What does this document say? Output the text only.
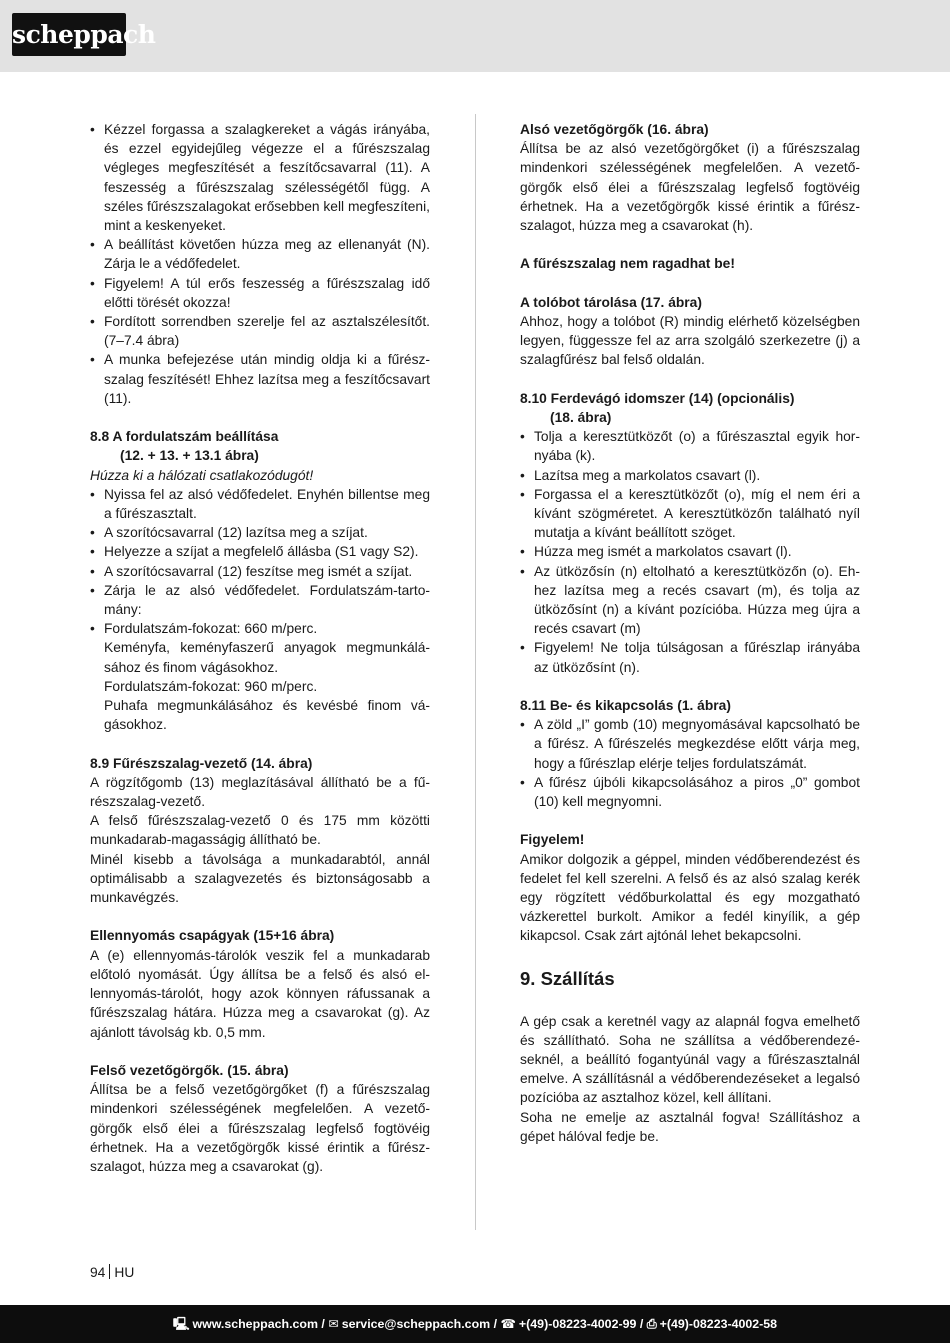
scheppach
• Kézzel forgassa a szalagkereket a vágás irányába, és ezzel egyidejűleg végezze el a fűrészszalag végleges megfeszítését a feszítőcsavarral (11). A feszesség a fűrészszalag szélességétől függ. A széles fűrészszalagokat erősebben kell megfeszíteni, mint a keskenyeket.
• A beállítást követően húzza meg az ellenanyát (N). Zárja le a védőfedelet.
• Figyelem! A túl erős feszesség a fűrészszalag idő előtti törését okozza!
• Fordított sorrendben szerelje fel az asztalszélesítőt. (7–7.4 ábra)
• A munka befejezése után mindig oldja ki a fűrészszalag feszítését! Ehhez lazítsa meg a feszítőcsavart (11).

8.8 A fordulatszám beállítása

(12. + 13. + 13.1 ábra)

Húzza ki a hálózati csatlakozódugót!

• Nyissa fel az alsó védőfedelet. Enyhén billentse meg a fűrészasztalt.
• A szorítócsavarral (12) lazítsa meg a szíjat.
• Helyezze a szíjat a megfelelő állásba (S1 vagy S2).
• A szorítócsavarral (12) feszítse meg ismét a szíjat.
• Zárja le az alsó védőfedelet. Fordulatszám-tartomány:
• Fordulatszám-fokozat: 660 m/perc.
Keményfa, keményfaszerű anyagok megmunkálásához és finom vágásokhoz.
Fordulatszám-fokozat: 960 m/perc.
Puhafa megmunkálásához és kevésbé finom vágásokhoz.

8.9 Fűrészszalag-vezető (14. ábra)

A rögzítőgomb (13) meglazításával állítható be a fűrészszalag-vezető.

A felső fűrészszalag-vezető 0 és 175 mm közötti munkadarab-magasságig állítható be.

Minél kisebb a távolsága a munkadarabtól, annál optimálisabb a szalagvezetés és biztonságosabb a munkavégzés.

Ellennyomás csapágyak (15+16 ábra)

A (e) ellennyomás-tárolók veszik fel a munkadarab előtoló nyomását. Úgy állítsa be a felső és alsó ellennyomás-tárolót, hogy azok könnyen ráfussanak a fűrészszalag hátára. Húzza meg a csavarokat (g). Az ajánlott távolság kb. 0,5 mm.

Felső vezetőgörgők. (15. ábra)

Állítsa be a felső vezetőgörgőket (f) a fűrészszalag mindenkori szélességének megfelelően. A vezetőgörgők első élei a fűrészszalag legfelső fogtövéig érhetnek. Ha a vezetőgörgők kissé érintik a fűrészszalagot, húzza meg a csavarokat (g).

Alsó vezetőgörgők (16. ábra)

Állítsa be az alsó vezetőgörgőket (i) a fűrészszalag mindenkori szélességének megfelelően. A vezetőgörgők első élei a fűrészszalag legfelső fogtövéig érhetnek. Ha a vezetőgörgők kissé érintik a fűrészszalagot, húzza meg a csavarokat (h).

A fűrészszalag nem ragadhat be!

A tolóbot tárolása (17. ábra)

Ahhoz, hogy a tolóbot (R) mindig elérhető közelségben legyen, függessze fel az arra szolgáló szerkezetre (j) a szalagfűrész bal felső oldalán.

8.10 Ferdevágó idomszer (14) (opcionális)

(18. ábra)

• Tolja a keresztütközőt (o) a fűrészasztal egyik hornyába (k).
• Lazítsa meg a markolatos csavart (l).
• Forgassa el a keresztütközőt (o), míg el nem éri a kívánt szögméretet. A keresztütközőn található nyíl mutatja a kívánt beállított szöget.
• Húzza meg ismét a markolatos csavart (l).
• Az ütközősín (n) eltolható a keresztütközőn (o). Ehhez lazítsa meg a recés csavart (m), és tolja az ütközősínt (n) a kívánt pozícióba. Húzza meg újra a recés csavart (m)
• Figyelem! Ne tolja túlságosan a fűrészlap irányába az ütközősínt (n).

8.11 Be- és kikapcsolás (1. ábra)

• A zöld „I” gomb (10) megnyomásával kapcsolható be a fűrész. A fűrészelés megkezdése előtt várja meg, hogy a fűrészlap elérje teljes fordulatszámát.
• A fűrész újbóli kikapcsolásához a piros „0” gombot (10) kell megnyomni.

Figyelem!

Amikor dolgozik a géppel, minden védőberendezést és fedelet fel kell szerelni. A felső és az alsó szalag kerék egy rögzített védőburkolattal és egy mozgatható vázkerettel burkolt. Amikor a fedél kinyílik, a gép kikapcsol. Csak zárt ajtónál lehet bekapcsolni.

9. Szállítás

A gép csak a keretnél vagy az alapnál fogva emelhető és szállítható. Soha ne szállítsa a védőberendezéseknél, a beállító fogantyúnál vagy a fűrészasztalnál emelve. A szállításnál a védőberendezéseket a legalsó pozícióba az asztalhoz közel, kell állítani.

Soha ne emelje az asztalnál fogva! Szállításhoz a gépet hálóval fedje be.

94 HU
🖳︎ www.scheppach.com / ✉︎ service@scheppach.com / ☎︎ +(49)-08223-4002-99 / ⎙ +(49)-08223-4002-58
